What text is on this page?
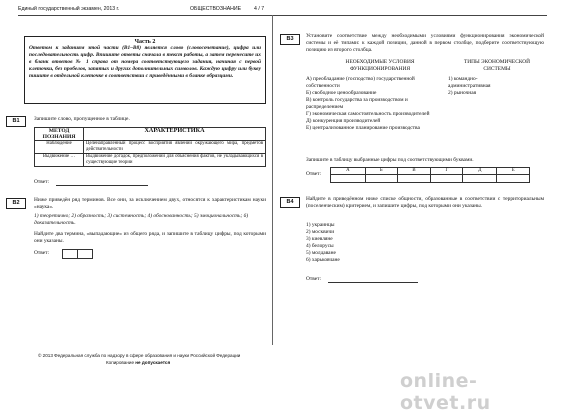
Единый государственный экзамен, 2013 г.	ОБЩЕСТВОЗНАНИЕ 4 / 7
Часть 2
Ответом к заданиям этой части (В1–В8) является слово (словосочетание), цифра или последовательность цифр. Впишите ответы сначала в текст работы, а затем перенесите их в бланк ответов № 1 справа от номера соответствующего задания, начиная с первой клеточки, без пробелов, запятых и других дополнительных символов. Каждую цифру или букву пишите в отдельной клеточке в соответствии с приведёнными в бланке образцами.
B1	Запишите слово, пропущенное в таблице.
МЕТОД ПОЗНАНИЯ	ХАРАКТЕРИСТИКА
Наблюдение	Целенаправленный процесс восприятия явлений окружающего мира, предметов действительности
Выдвижение …	Выдвижение догадок, предположений для объяснения фактов, не укладывающихся в существующие теории
Ответ:
B2	Ниже приведён ряд терминов. Все они, за исключением двух, относятся к характеристикам науки «наука».
1) теоретично; 2) образность; 3) системность; 4) обоснованность; 5) эмоциональность; 6) доказательность.
Найдите два термина, «выпадающие» из общего ряда, и запишите в таблицу цифры, под которыми они указаны.
Ответ:
B3	Установите соответствие между необходимыми условиями функционирования экономической системы и её типами: к каждой позиции, данной в первом столбце, подберите соответствующую позицию из второго столбца.
НЕОБХОДИМЫЕ УСЛОВИЯ ФУНКЦИОНИРОВАНИЯ
ТИПЫ ЭКОНОМИЧЕСКОЙ СИСТЕМЫ
А) преобладание (господство) государственной собственности
Б) свободное ценообразование
В) контроль государства за производством и распределением
Г) экономическая самостоятельность производителей
Д) конкуренция производителей
Е) централизованное планирование производства
1) командно-административная
2) рыночная
Запишите в таблицу выбранные цифры под соответствующими буквами.
Ответ:
А	Б	В	Г	Д	Е

B4	Найдите в приведённом ниже списке общности, образованные в соответствии с территориальным (поселенческим) критерием, и запишите цифры, под которыми они указаны.
1) украинцы
2) москвичи
3) киевляне
4) белорусы
5) молдаване
6) харьковчане
Ответ:
© 2013 Федеральная служба по надзору в сфере образования и науки Российской Федерации
Копирование не допускается
online-otvet.ru
